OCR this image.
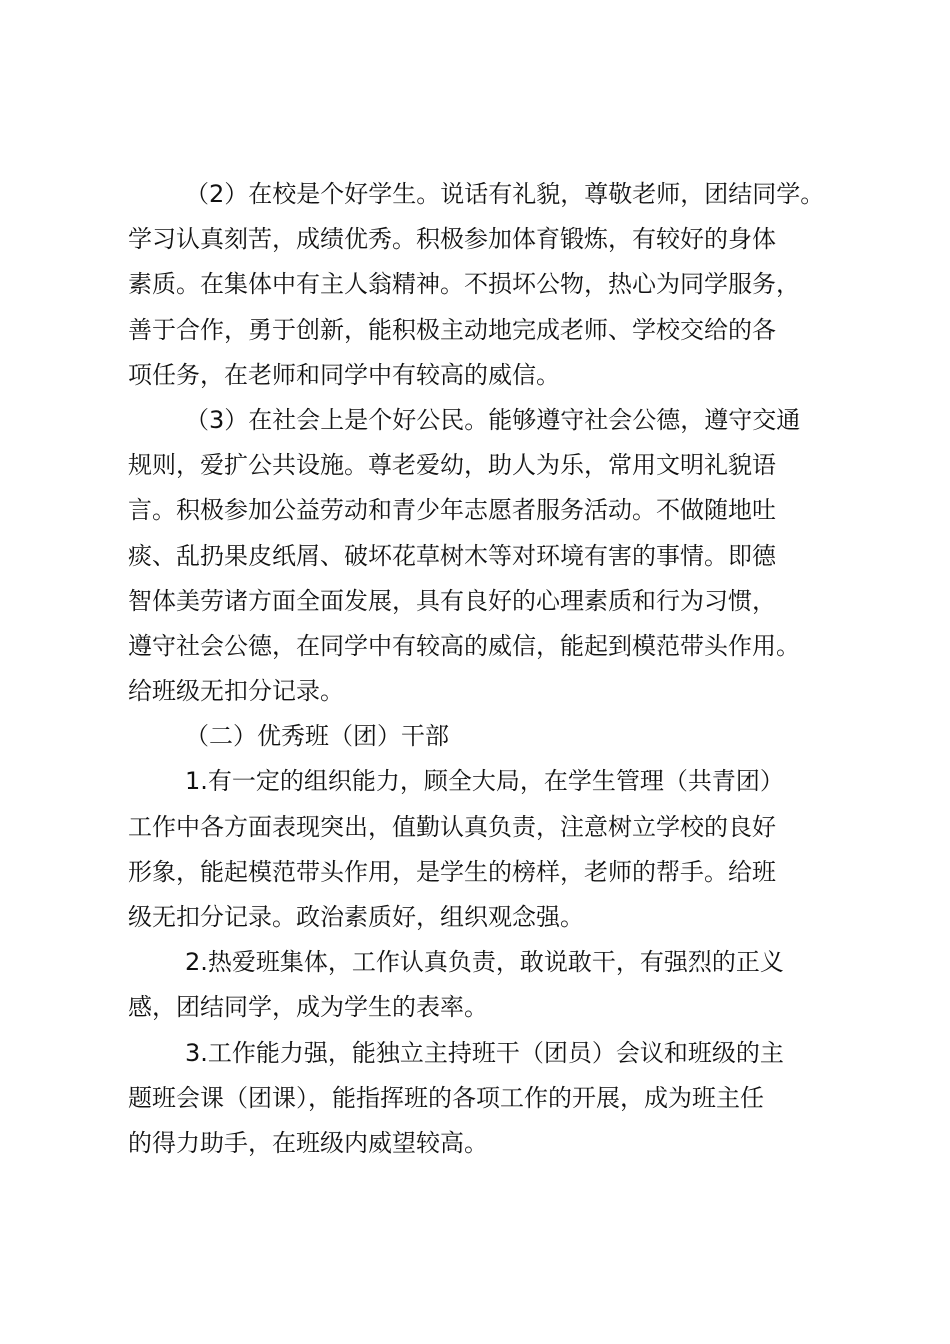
（2）在校是个好学生。说话有礼貌，尊敬老师，团结同学。
学习认真刻苦，成绩优秀。积极参加体育锻炼，有较好的身体
素质。在集体中有主人翁精神。不损坏公物，热心为同学服务，
善于合作，勇于创新，能积极主动地完成老师、学校交给的各
项任务，在老师和同学中有较高的威信。
（3）在社会上是个好公民。能够遵守社会公德，遵守交通
规则，爱扩公共设施。尊老爱幼，助人为乐，常用文明礼貌语
言。积极参加公益劳动和青少年志愿者服务活动。不做随地吐
痰、乱扔果皮纸屑、破坏花草树木等对环境有害的事情。即德
智体美劳诸方面全面发展，具有良好的心理素质和行为习惯，
遵守社会公德，在同学中有较高的威信，能起到模范带头作用。
给班级无扣分记录。
（二）优秀班（团）干部
1.有一定的组织能力，顾全大局，在学生管理（共青团）
工作中各方面表现突出，值勤认真负责，注意树立学校的良好
形象，能起模范带头作用，是学生的榜样，老师的帮手。给班
级无扣分记录。政治素质好，组织观念强。
2.热爱班集体，工作认真负责，敢说敢干，有强烈的正义
感，团结同学，成为学生的表率。
3.工作能力强，能独立主持班干（团员）会议和班级的主
题班会课（团课），能指挥班的各项工作的开展，成为班主任
的得力助手，在班级内威望较高。
